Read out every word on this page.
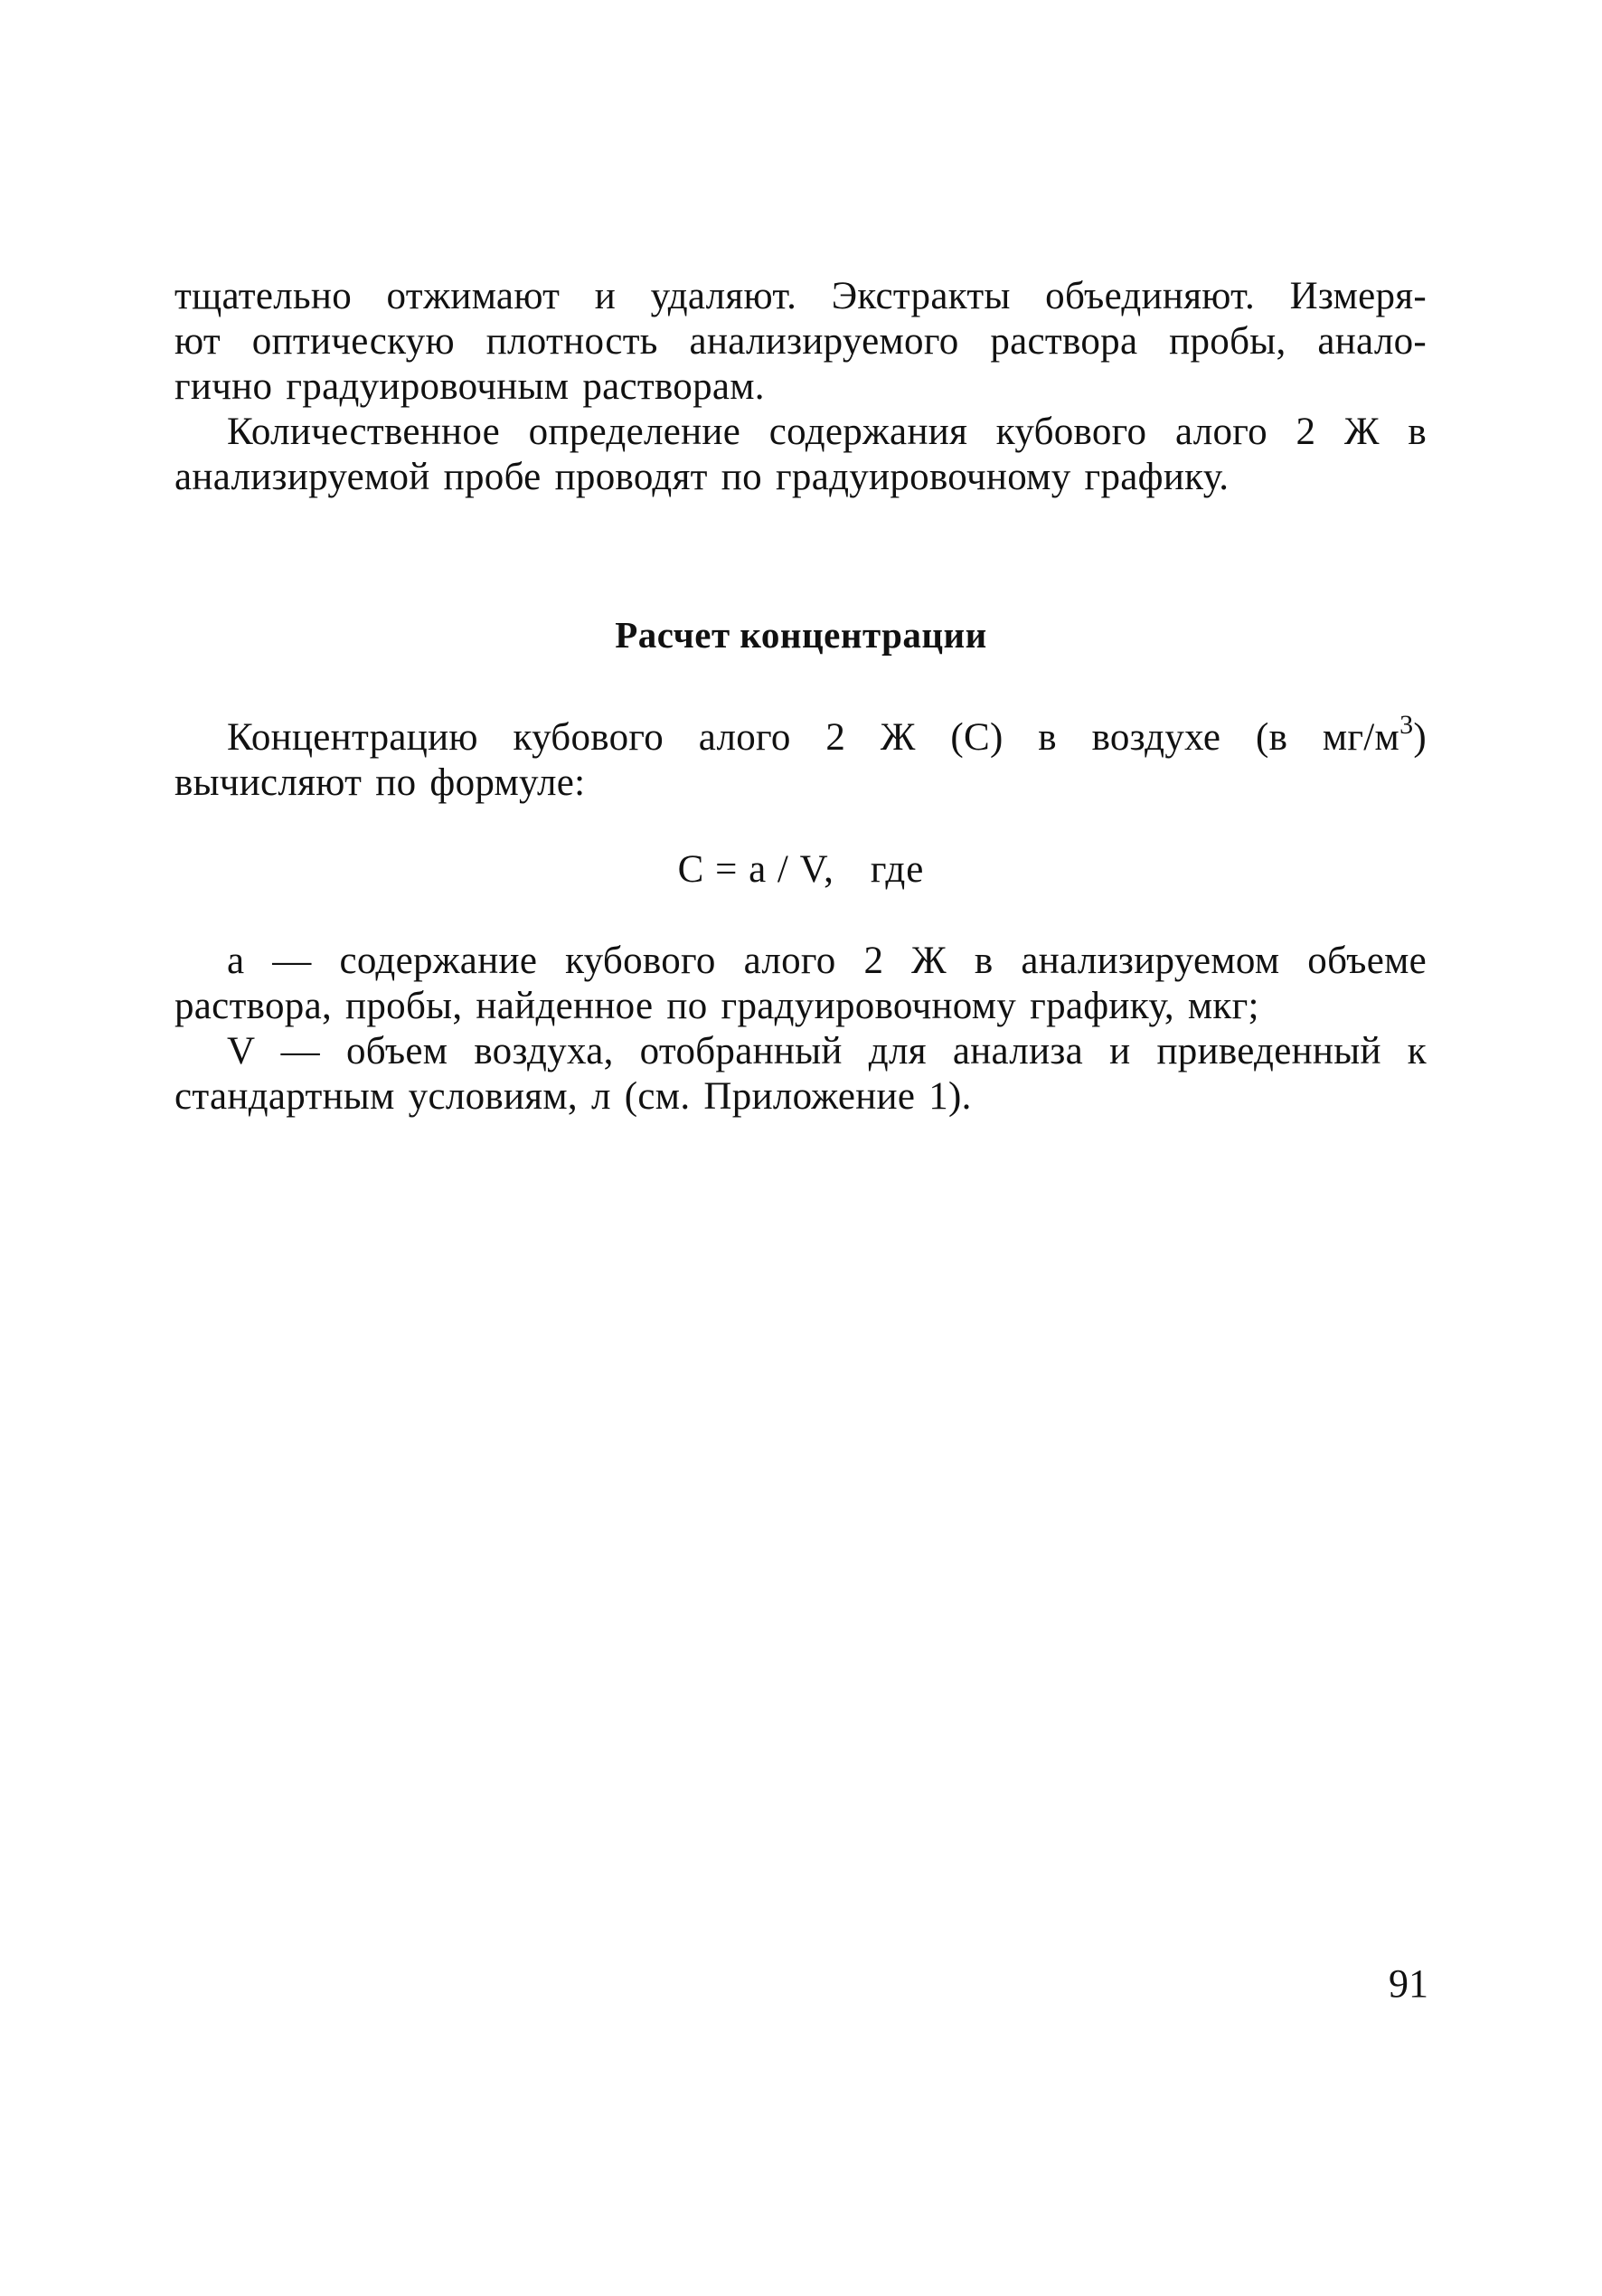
тщательно отжимают и удаляют. Экстракты объединяют. Измеря-
ют оптическую плотность анализируемого раствора пробы, анало-
гично градуировочным растворам.

Количественное определение содержания кубового алого 2 Ж в
анализируемой пробе проводят по градуировочному графику.

Расчет концентрации

Концентрацию кубового алого 2 Ж (С) в воздухе (в $мг/м^3$)
вычисляют по формуле:

С = а / V, где

а — содержание кубового алого 2 Ж в анализируемом объеме
раствора, пробы, найденное по градуировочному графику, мкг;

V — объем воздуха, отобранный для анализа и приведенный к
стандартным условиям, л (см. Приложение 1).

91
